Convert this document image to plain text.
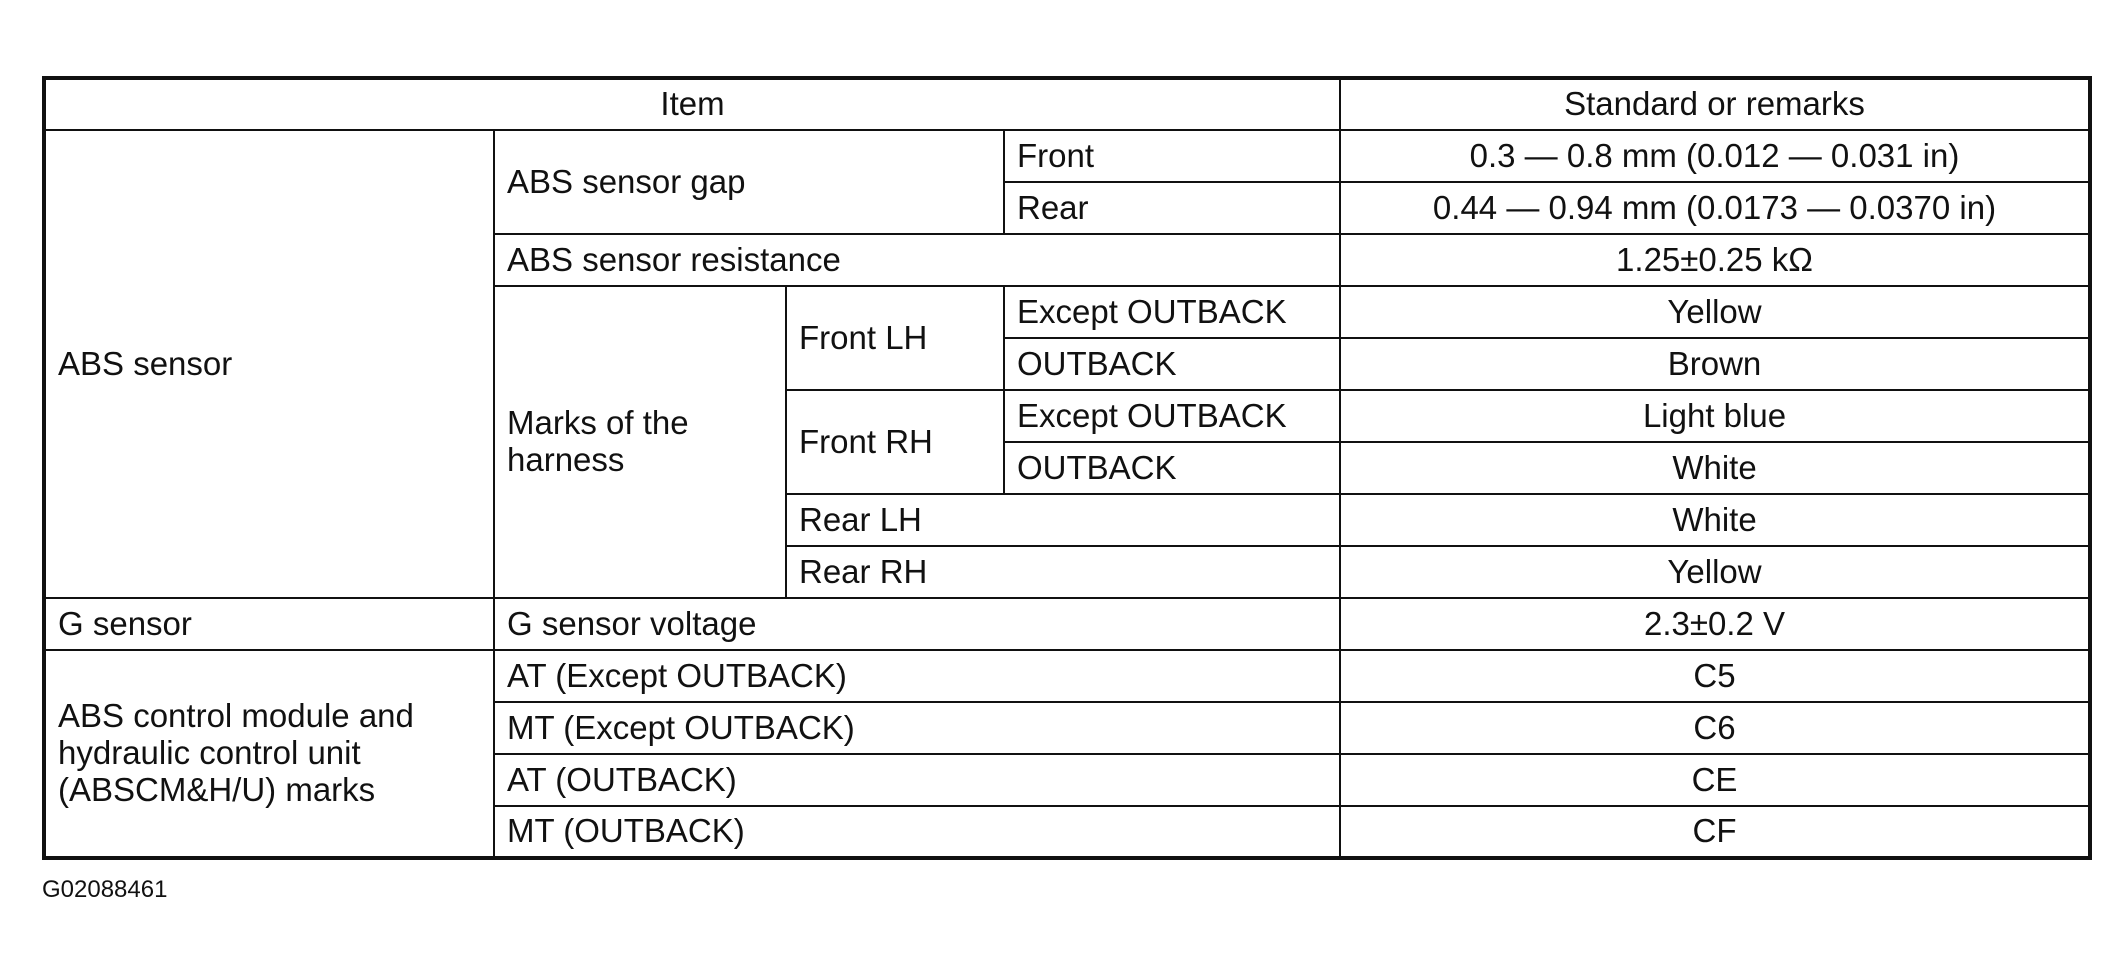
Item				Standard or remarks
ABS sensor	ABS sensor gap		Front	0.3 — 0.8 mm (0.012 — 0.031 in)
			Rear	0.44 — 0.94 mm (0.0173 — 0.0370 in)
	ABS sensor resistance			1.25±0.25 kΩ
	Marks of the harness	Front LH	Except OUTBACK	Yellow
			OUTBACK	Brown
		Front RH	Except OUTBACK	Light blue
			OUTBACK	White
		Rear LH		White
		Rear RH		Yellow
G sensor	G sensor voltage			2.3±0.2 V
ABS control module and hydraulic control unit (ABSCM&H/U) marks	AT (Except OUTBACK)			C5
	MT (Except OUTBACK)			C6
	AT (OUTBACK)			CE
	MT (OUTBACK)			CF
G02088461
